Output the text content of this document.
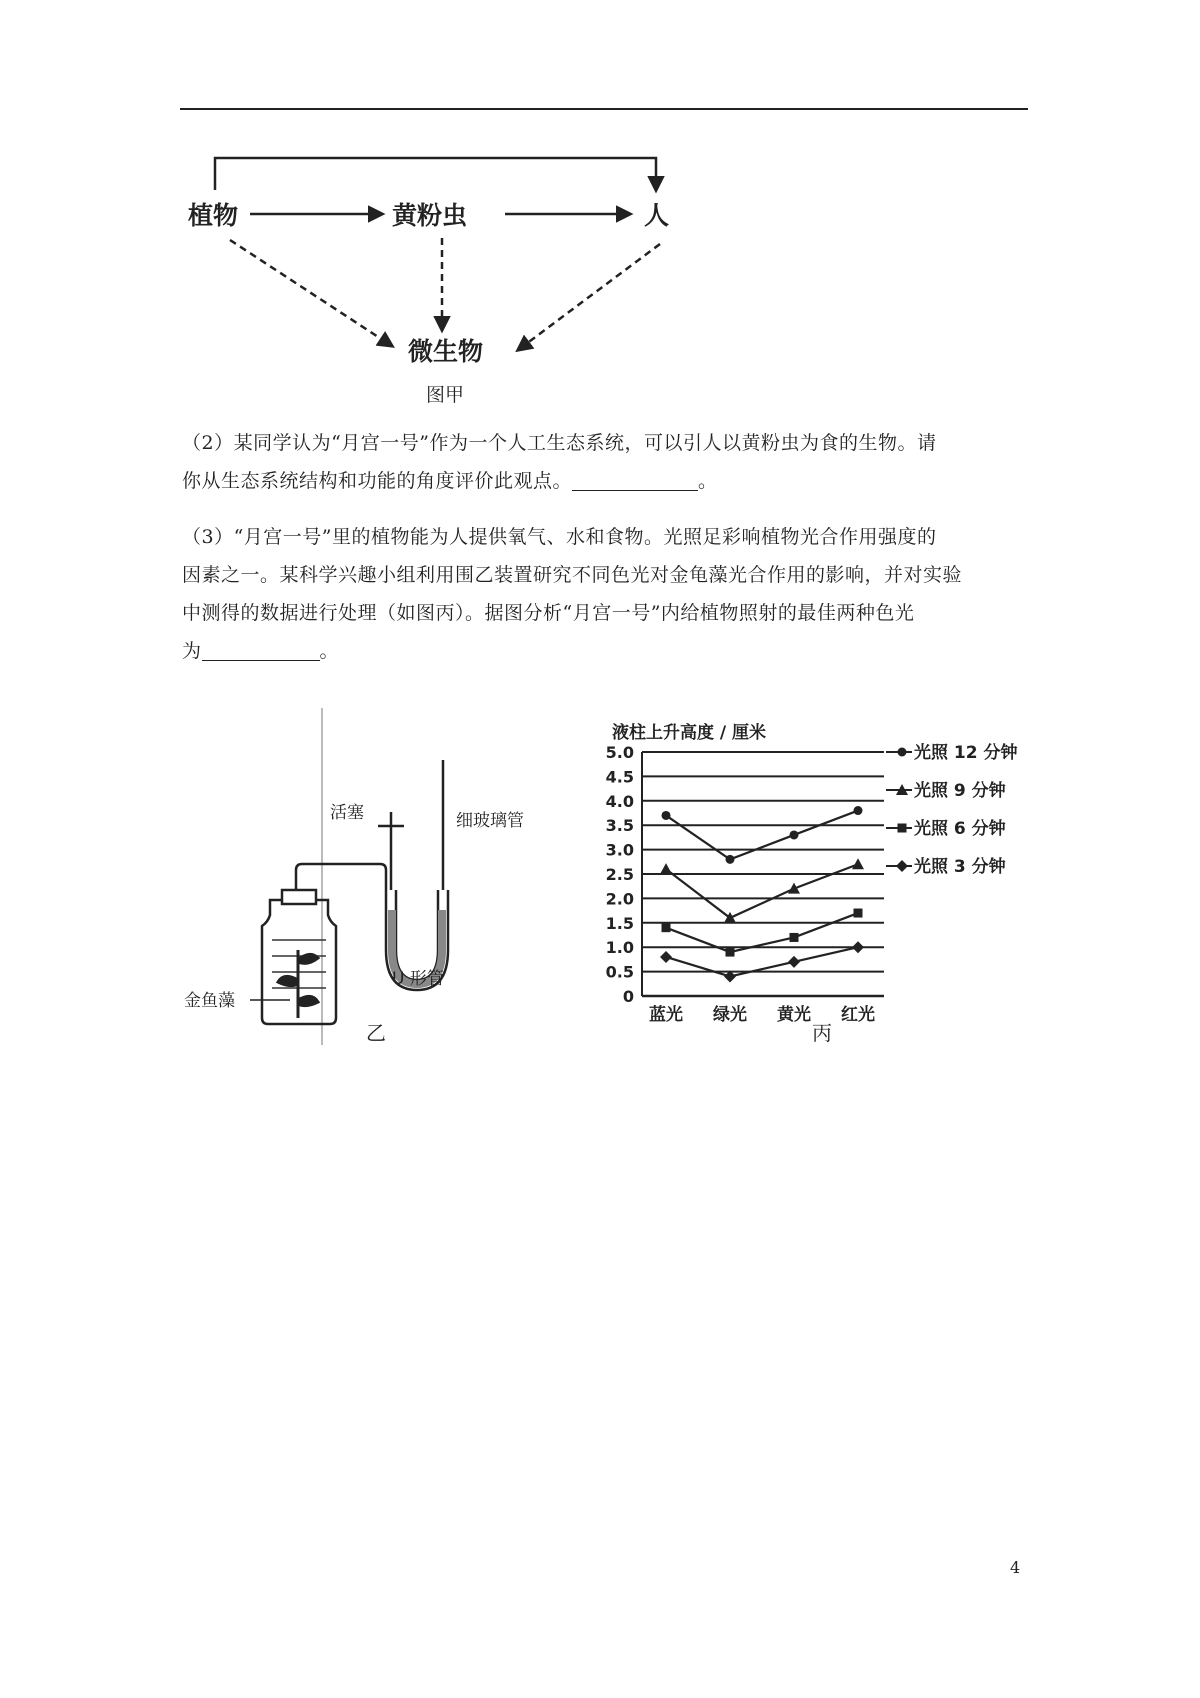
植物	黄粉虫	人
微生物
图甲

（2）某同学认为“月宫一号”作为一个人工生态系统，可以引人以黄粉虫为食的生物。请
你从生态系统结构和功能的角度评价此观点。	。

（3）“月宫一号”里的植物能为人提供氧气、水和食物。光照足彩响植物光合作用强度的
因素之一。某科学兴趣小组利用围乙装置研究不同色光对金龟藻光合作用的影响，并对实验
中测得的数据进行处理（如图丙）。据图分析“月宫一号”内给植物照射的最佳两种色光
为	。

活塞	细玻璃管
U 形管
金鱼藻
乙
液柱上升高度 / 厘米
0
0.5
1.0
1.5
2.0
2.5
3.0
3.5
4.0
4.5
5.0
蓝光 绿光 黄光 红光
光照 12 分钟
光照 9 分钟
光照 6 分钟
光照 3 分钟
丙
4
